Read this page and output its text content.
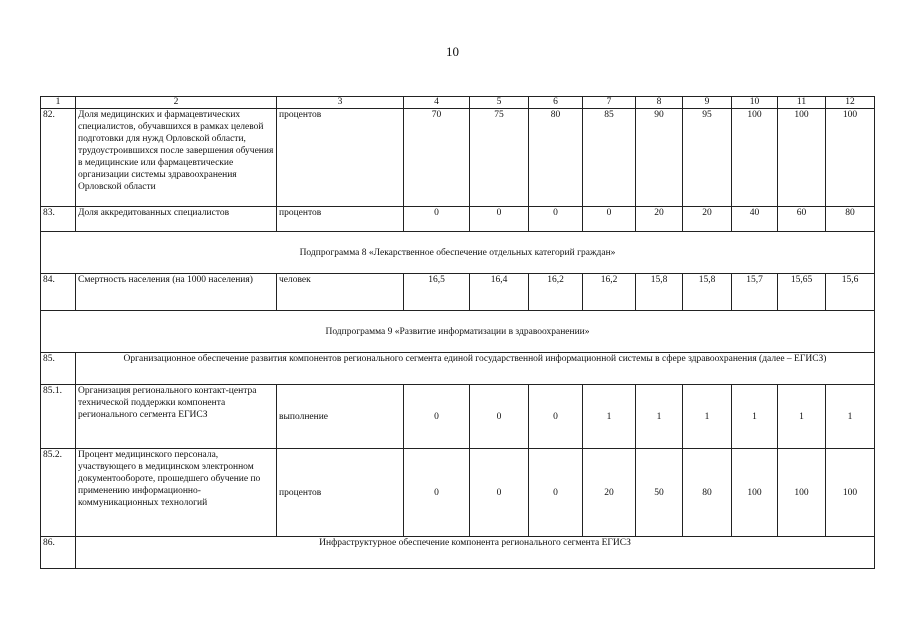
10
1	2	3	4	5	6	7	8	9	10	11	12
82.	Доля медицинских и фармацевтических специалистов, обучавшихся в рамках целевой подготовки для нужд Орловской области, трудоустроившихся после завершения обучения в медицинские или фармацевтические организации системы здравоохранения Орловской области	процентов	70	75	80	85	90	95	100	100	100
83.	Доля аккредитованных специалистов	процентов	0	0	0	0	20	20	40	60	80
Подпрограмма 8 «Лекарственное обеспечение отдельных категорий граждан»											
84.	Смертность населения (на 1000 населения)	человек	16,5	16,4	16,2	16,2	15,8	15,8	15,7	15,65	15,6
Подпрограмма 9 «Развитие информатизации в здравоохранении»											
85.	Организационное обеспечение развития компонентов регионального сегмента единой государственной информационной системы в сфере здравоохранения (далее – ЕГИСЗ)										
85.1.	Организация регионального контакт-центра технической поддержки компонента регионального сегмента ЕГИСЗ	выполнение	0	0	0	1	1	1	1	1	1
85.2.	Процент медицинского персонала, участвующего в медицинском электронном документообороте, прошедшего обучение по применению информационно-коммуникационных технологий	процентов	0	0	0	20	50	80	100	100	100
86.	Инфраструктурное обеспечение компонента регионального сегмента ЕГИСЗ										
